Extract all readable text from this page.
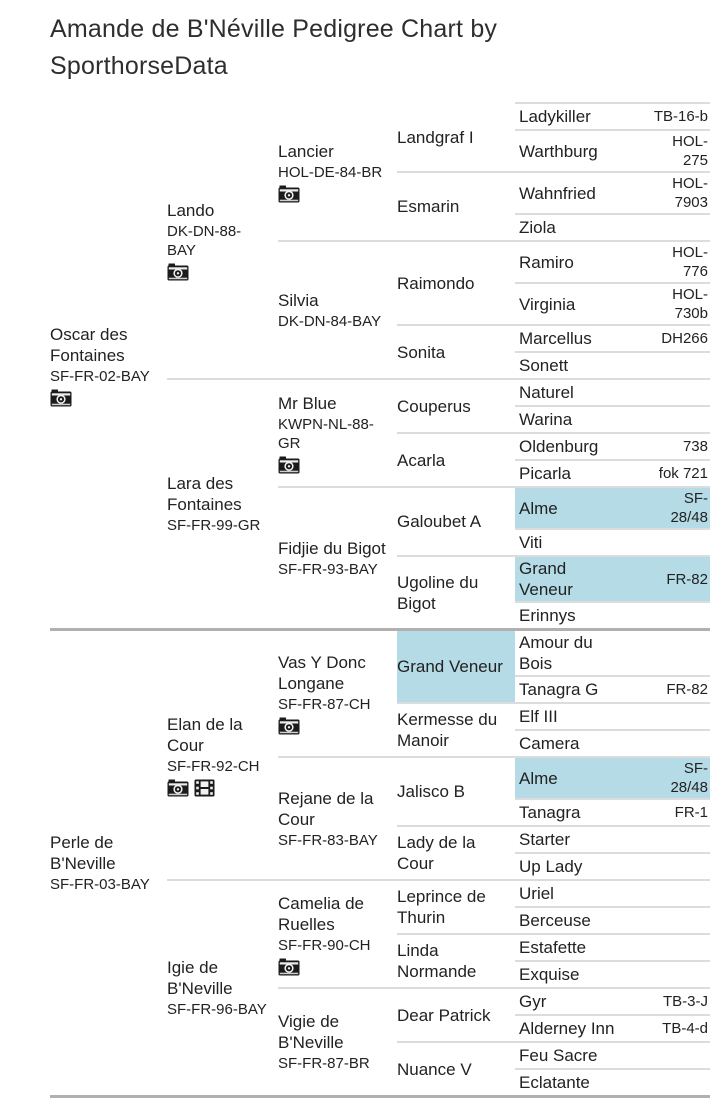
Amande de B'Néville Pedigree Chart by SporthorseData
Oscar des Fontaines
SF-FR-02-BAY	Lando
DK-DN-88-BAY	Lancier
HOL-DE-84-BR	Landgraf I	Ladykiller TB-16-b

				Warthburg HOL-275

			Esmarin	Wahnfried HOL-7903

				Ziola

		Silvia
DK-DN-84-BAY	Raimondo	Ramiro HOL-776

				Virginia HOL-730b

			Sonita	Marcellus DH266

				Sonett

	Lara des Fontaines
SF-FR-99-GR	Mr Blue
KWPN-NL-88-GR	Couperus	Naturel

				Warina

			Acarla	Oldenburg 738

				Picarla fok 721

		Fidjie du Bigot
SF-FR-93-BAY	Galoubet A	Alme SF-28/48

				Viti

			Ugoline du Bigot	Grand Veneur
FR-82

				Erinnys

Perle de B'Neville
SF-FR-03-BAY	Elan de la Cour
SF-FR-92-CH	Vas Y Donc Longane
SF-FR-87-CH	Grand Veneur	Amour du Bois

				Tanagra G FR-82

			Kermesse du Manoir	Elf III

				Camera

		Rejane de la Cour
SF-FR-83-BAY	Jalisco B	Alme SF-28/48

				Tanagra FR-1

			Lady de la Cour	Starter

				Up Lady

	Igie de B'Neville
SF-FR-96-BAY	Camelia de Ruelles
SF-FR-90-CH	Leprince de Thurin	Uriel

				Berceuse

			Linda Normande	Estafette

				Exquise

		Vigie de B'Neville
SF-FR-87-BR	Dear Patrick	Gyr TB-3-J

				Alderney Inn TB-4-d

			Nuance V	Feu Sacre

				Eclatante
